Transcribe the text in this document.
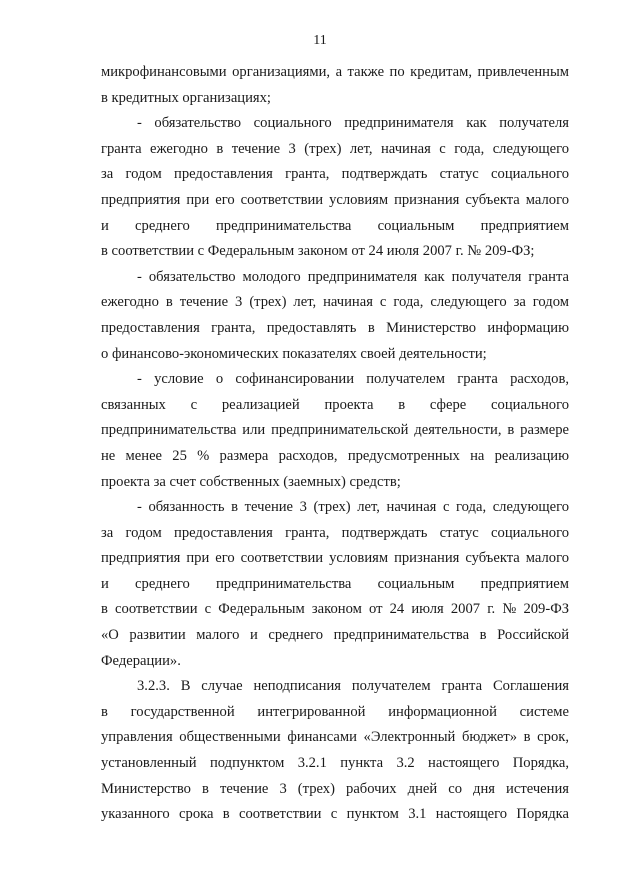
11

микрофинансовыми организациями, а также по кредитам, привлеченным
в кредитных организациях;

- обязательство социального предпринимателя как получателя
гранта ежегодно в течение 3 (трех) лет, начиная с года, следующего
за годом предоставления гранта, подтверждать статус социального
предприятия при его соответствии условиям признания субъекта малого
и среднего предпринимательства социальным предприятием
в соответствии с Федеральным законом от 24 июля 2007 г. № 209-ФЗ;

- обязательство молодого предпринимателя как получателя гранта
ежегодно в течение 3 (трех) лет, начиная с года, следующего за годом
предоставления гранта, предоставлять в Министерство информацию
о финансово-экономических показателях своей деятельности;

- условие о софинансировании получателем гранта расходов,
связанных с реализацией проекта в сфере социального
предпринимательства или предпринимательской деятельности, в размере
не менее 25 % размера расходов, предусмотренных на реализацию
проекта за счет собственных (заемных) средств;

- обязанность в течение 3 (трех) лет, начиная с года, следующего
за годом предоставления гранта, подтверждать статус социального
предприятия при его соответствии условиям признания субъекта малого
и среднего предпринимательства социальным предприятием
в соответствии с Федеральным законом от 24 июля 2007 г. № 209-ФЗ
«О развитии малого и среднего предпринимательства в Российской
Федерации».

3.2.3. В случае неподписания получателем гранта Соглашения
в государственной интегрированной информационной системе
управления общественными финансами «Электронный бюджет» в срок,
установленный подпунктом 3.2.1 пункта 3.2 настоящего Порядка,
Министерство в течение 3 (трех) рабочих дней со дня истечения
указанного срока в соответствии с пунктом 3.1 настоящего Порядка
